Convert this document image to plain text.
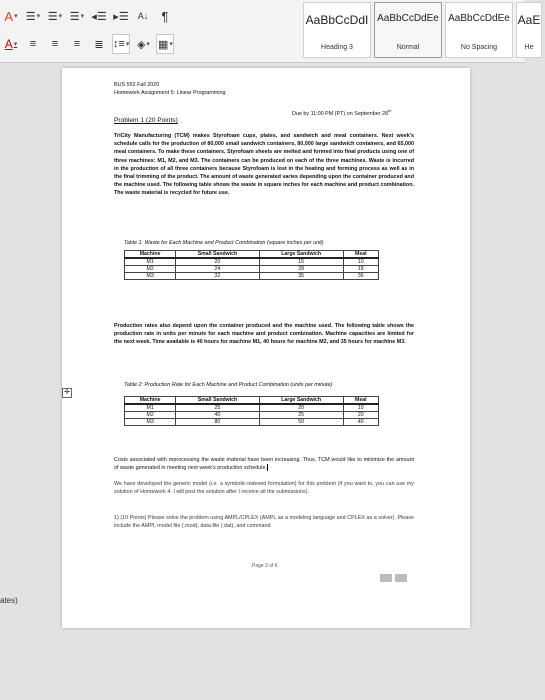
A ▾ ☰ ▾ ☰ ▾ ☰ ▾ ◂☰ ▸☰	A↓	¶
A ▾	≡	≡	≡	≣ ↕≡ ▾ ◈ ▾ ▦ ▾
AaBbCcDdI
Heading 3
AaBbCcDdEe
Normal
AaBbCcDdEe
No Spacing
AaE
He
ates)
BUS 552 Fall 2020
Homework Assignment 5: Linear Programming
Due by 11:00 PM (PT) on September 28th
Problem 1 (20 Points)
TriCity Manufacturing (TCM) makes Styrofoam cups, plates, and sandwich and meal containers. Next week's schedule calls for the production of 80,000 small sandwich containers, 80,000 large sandwich containers, and 65,000 meal containers. To make these containers, Styrofoam sheets are melted and formed into final products using one of three machines: M1, M2, and M3. The containers can be produced on each of the three machines. Waste is incurred in the production of all three containers because Styrofoam is lost in the heating and forming process as well as in the final trimming of the product. The amount of waste generated varies depending upon the container produced and the machine used. The following table shows the waste in square inches for each machine and product combination. The waste material is recycled for future use.
Table 1: Waste for Each Machine and Product Combination (square inches per unit)
Machine	Small Sandwich	Large Sandwich	Meal
M1	20	15	10
M2	24	28	18
M3	32	35	36
Production rates also depend upon the container produced and the machine used. The following table shows the production rate in units per minute for each machine and product combination. Machine capacities are limited for the next week. Time available is 40 hours for machine M1, 40 hours for machine M2, and 35 hours for machine M3.
Table 2: Production Rate for Each Machine and Product Combination (units per minute)
✛
Machine	Small Sandwich	Large Sandwich	Meal
M1	25	20	10
M2	40	25	20
M3	80	50	40
Costs associated with reprocessing the waste material have been increasing. Thus, TCM would like to minimize the amount of waste generated in meeting next week's production schedule.
We have developed the generic model (i.e. a symbolic-indexed formulation) for this problem (if you want to, you can use my solution of Homework 4. I will post the solution after I receive all the submissions).
1) (10 Points) Please solve the problem using AMPL/CPLEX (AMPL as a modeling language and CPLEX as a solver). Please include the AMPL model file (.mod), data file (.dat), and command
Page 2 of 6
